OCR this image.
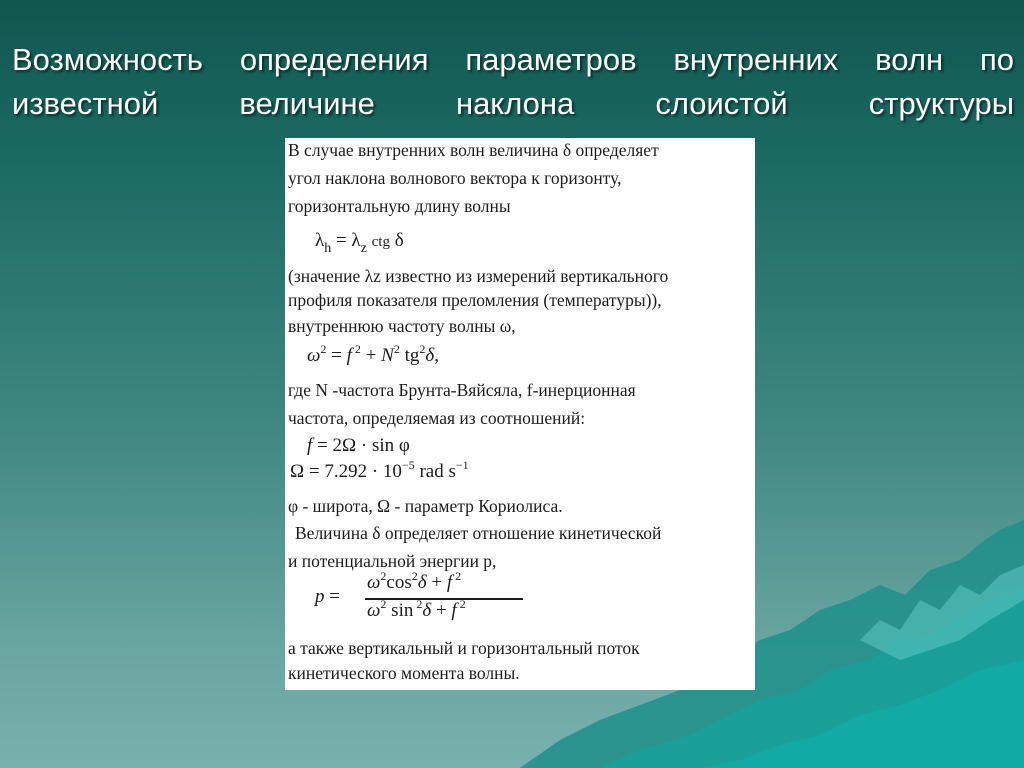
Возможность определения параметров внутренних волн по
известной величине наклона слоистой структуры
В случае внутренних волн величина δ определяет
угол наклона волнового вектора к горизонту,
горизонтальную длину волны
$\lambda_h = \lambda_z$ ctg δ
(значение λz известно из измерений вертикального
профиля показателя преломления (температуры)),
внутреннюю частоту волны ω,
$\omega^2 = f$ $^2 + N^2$ $tg^2\delta$,
где N -частота Брунта-Вяйсяла, f-инерционная
частота, определяемая из соотношений:
f = 2Ω · sin φ
$\Omega = 7.292 \cdot 10^{-5}$ rad $s^{-1}$
φ - широта, Ω - параметр Кориолиса.
Величина δ определяет отношение кинетической
и потенциальной энергии p,
p =
$\omega^2\cos^2\delta + f$ $^2$
$\omega^2$ sin $^2$δ + f $^2$
а также вертикальный и горизонтальный поток
кинетического момента волны.
